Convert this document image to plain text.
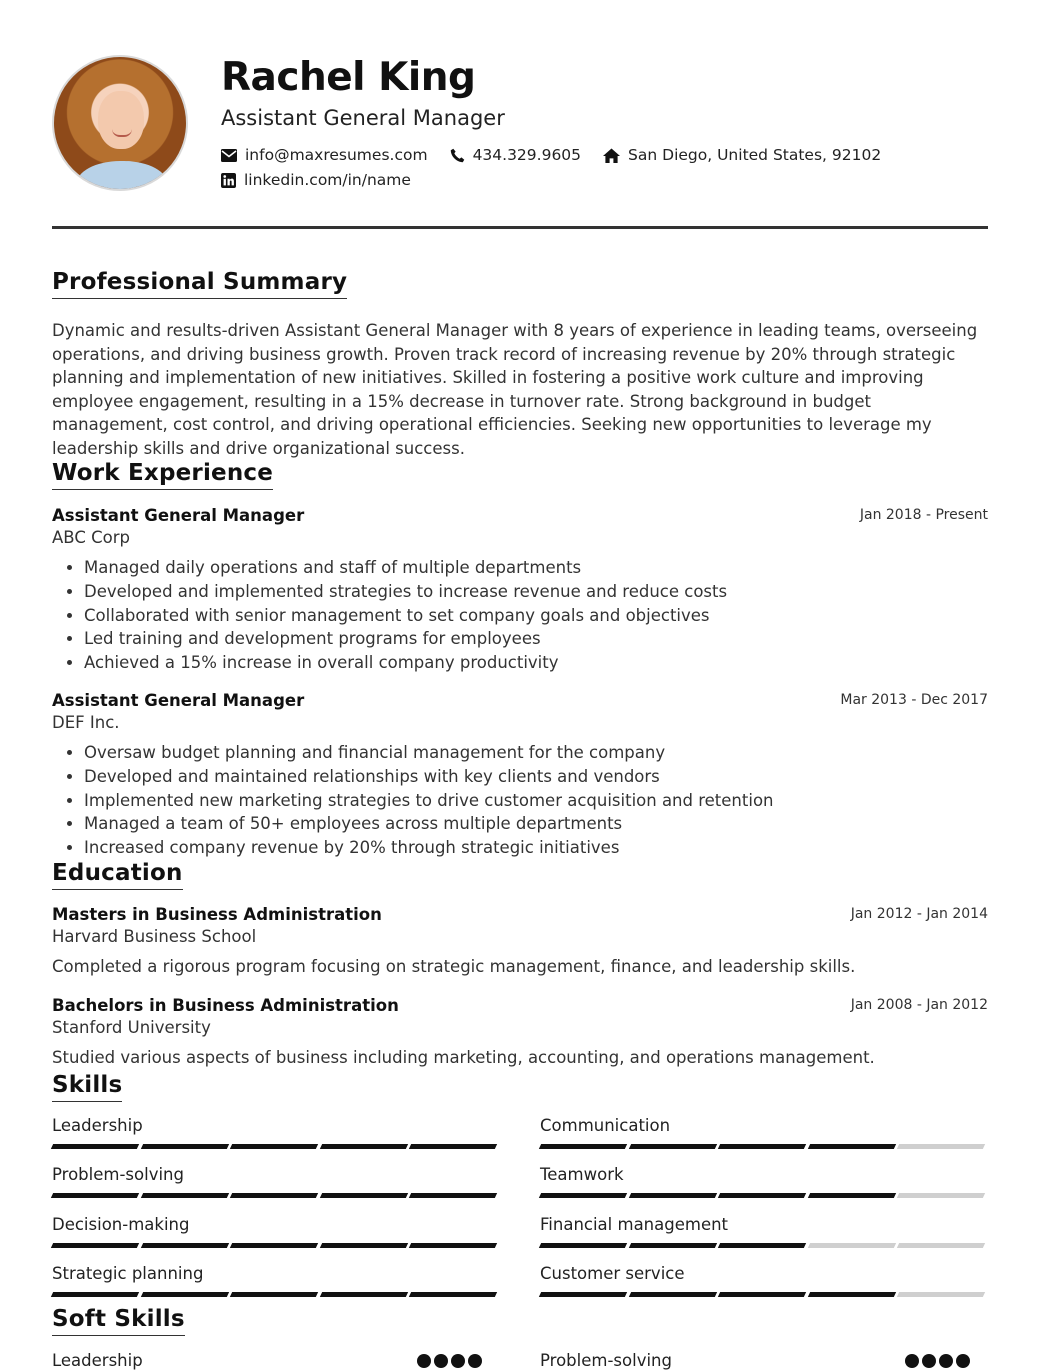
Rachel King
Assistant General Manager
info@maxresumes.com	434.329.9605	San Diego, United States, 92102
linkedin.com/in/name
Professional Summary
Dynamic and results-driven Assistant General Manager with 8 years of experience in leading teams, overseeing operations, and driving business growth. Proven track record of increasing revenue by 20% through strategic planning and implementation of new initiatives. Skilled in fostering a positive work culture and improving employee engagement, resulting in a 15% decrease in turnover rate. Strong background in budget management, cost control, and driving operational efficiencies. Seeking new opportunities to leverage my leadership skills and drive organizational success.
Work Experience
Assistant General Manager	Jan 2018 - Present
ABC Corp
• Managed daily operations and staff of multiple departments
• Developed and implemented strategies to increase revenue and reduce costs
• Collaborated with senior management to set company goals and objectives
• Led training and development programs for employees
• Achieved a 15% increase in overall company productivity
Assistant General Manager	Mar 2013 - Dec 2017
DEF Inc.
• Oversaw budget planning and financial management for the company
• Developed and maintained relationships with key clients and vendors
• Implemented new marketing strategies to drive customer acquisition and retention
• Managed a team of 50+ employees across multiple departments
• Increased company revenue by 20% through strategic initiatives
Education
Masters in Business Administration	Jan 2012 - Jan 2014
Harvard Business School
Completed a rigorous program focusing on strategic management, finance, and leadership skills.
Bachelors in Business Administration	Jan 2008 - Jan 2012
Stanford University
Studied various aspects of business including marketing, accounting, and operations management.
Skills
Leadership	Communication
Problem-solving	Teamwork
Decision-making	Financial management
Strategic planning	Customer service
Soft Skills
Leadership	Problem-solving
